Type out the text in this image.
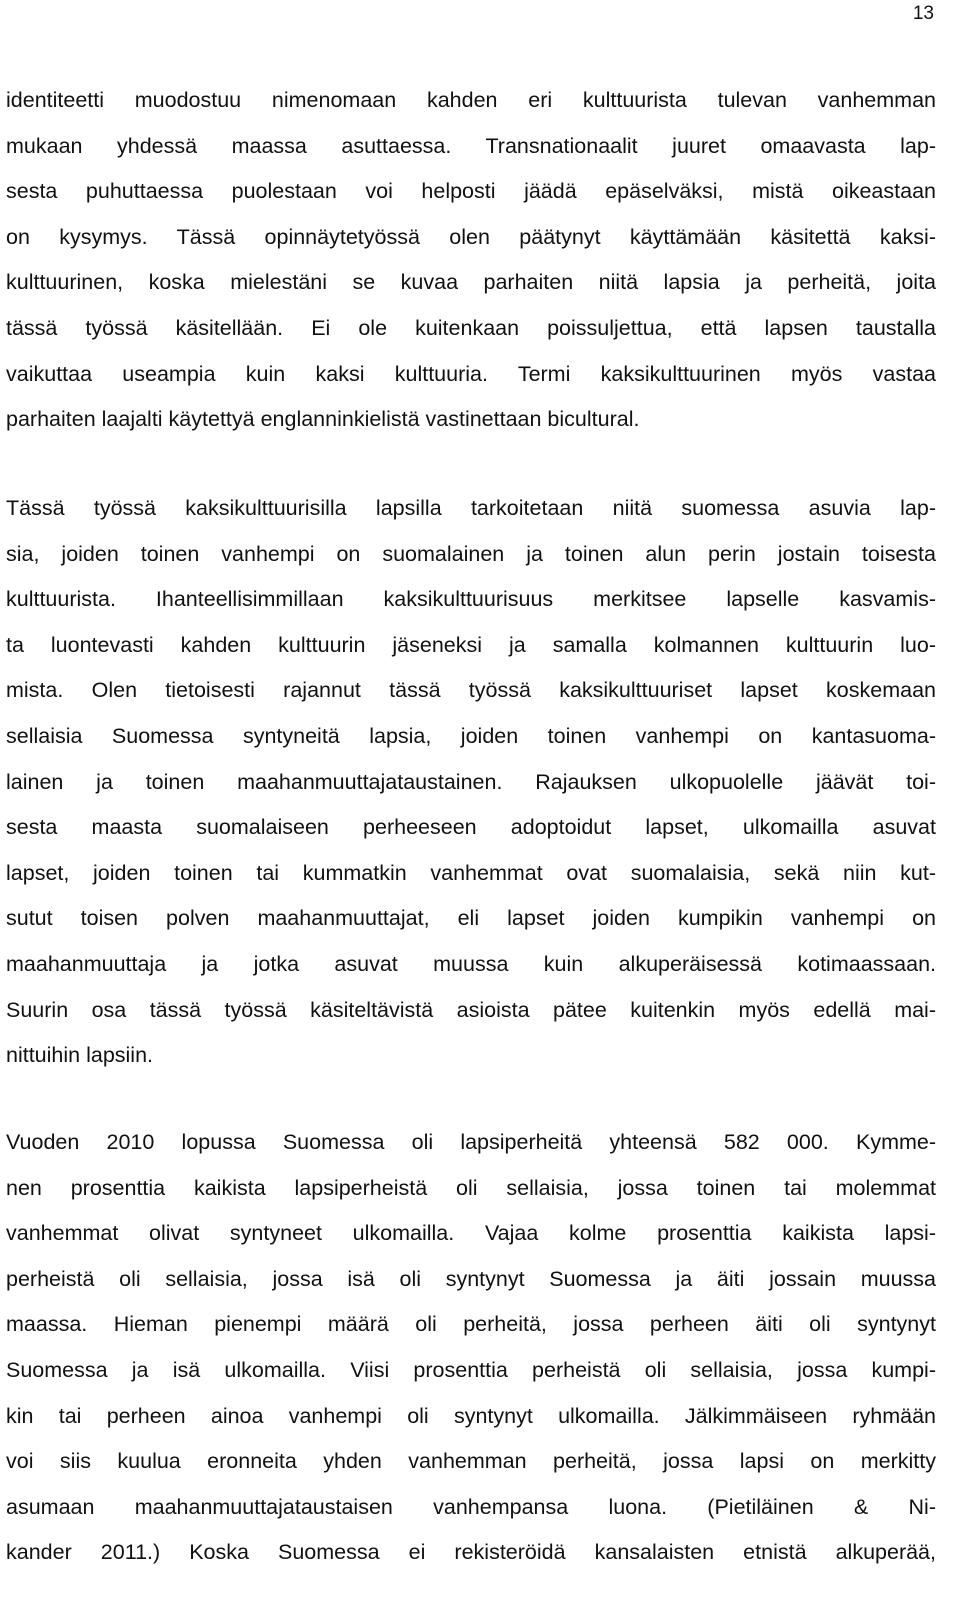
13
identiteetti muodostuu nimenomaan kahden eri kulttuurista tulevan vanhemman
mukaan yhdessä maassa asuttaessa. Transnationaalit juuret omaavasta lap-
sesta puhuttaessa puolestaan voi helposti jäädä epäselväksi, mistä oikeastaan
on kysymys. Tässä opinnäytetyössä olen päätynyt käyttämään käsitettä kaksi-
kulttuurinen, koska mielestäni se kuvaa parhaiten niitä lapsia ja perheitä, joita
tässä työssä käsitellään. Ei ole kuitenkaan poissuljettua, että lapsen taustalla
vaikuttaa useampia kuin kaksi kulttuuria. Termi kaksikulttuurinen myös vastaa
parhaiten laajalti käytettyä englanninkielistä vastinettaan bicultural.
Tässä työssä kaksikulttuurisilla lapsilla tarkoitetaan niitä suomessa asuvia lap-
sia, joiden toinen vanhempi on suomalainen ja toinen alun perin jostain toisesta
kulttuurista. Ihanteellisimmillaan kaksikulttuurisuus merkitsee lapselle kasvamis-
ta luontevasti kahden kulttuurin jäseneksi ja samalla kolmannen kulttuurin luo-
mista. Olen tietoisesti rajannut tässä työssä kaksikulttuuriset lapset koskemaan
sellaisia Suomessa syntyneitä lapsia, joiden toinen vanhempi on kantasuoma-
lainen ja toinen maahanmuuttajataustainen. Rajauksen ulkopuolelle jäävät toi-
sesta maasta suomalaiseen perheeseen adoptoidut lapset, ulkomailla asuvat
lapset, joiden toinen tai kummatkin vanhemmat ovat suomalaisia, sekä niin kut-
sutut toisen polven maahanmuuttajat, eli lapset joiden kumpikin vanhempi on
maahanmuuttaja ja jotka asuvat muussa kuin alkuperäisessä kotimaassaan.
Suurin osa tässä työssä käsiteltävistä asioista pätee kuitenkin myös edellä mai-
nittuihin lapsiin.
Vuoden 2010 lopussa Suomessa oli lapsiperheitä yhteensä 582 000. Kymme-
nen prosenttia kaikista lapsiperheistä oli sellaisia, jossa toinen tai molemmat
vanhemmat olivat syntyneet ulkomailla. Vajaa kolme prosenttia kaikista lapsi-
perheistä oli sellaisia, jossa isä oli syntynyt Suomessa ja äiti jossain muussa
maassa. Hieman pienempi määrä oli perheitä, jossa perheen äiti oli syntynyt
Suomessa ja isä ulkomailla. Viisi prosenttia perheistä oli sellaisia, jossa kumpi-
kin tai perheen ainoa vanhempi oli syntynyt ulkomailla. Jälkimmäiseen ryhmään
voi siis kuulua eronneita yhden vanhemman perheitä, jossa lapsi on merkitty
asumaan maahanmuuttajataustaisen vanhempansa luona. (Pietiläinen & Ni-
kander 2011.) Koska Suomessa ei rekisteröidä kansalaisten etnistä alkuperää,
